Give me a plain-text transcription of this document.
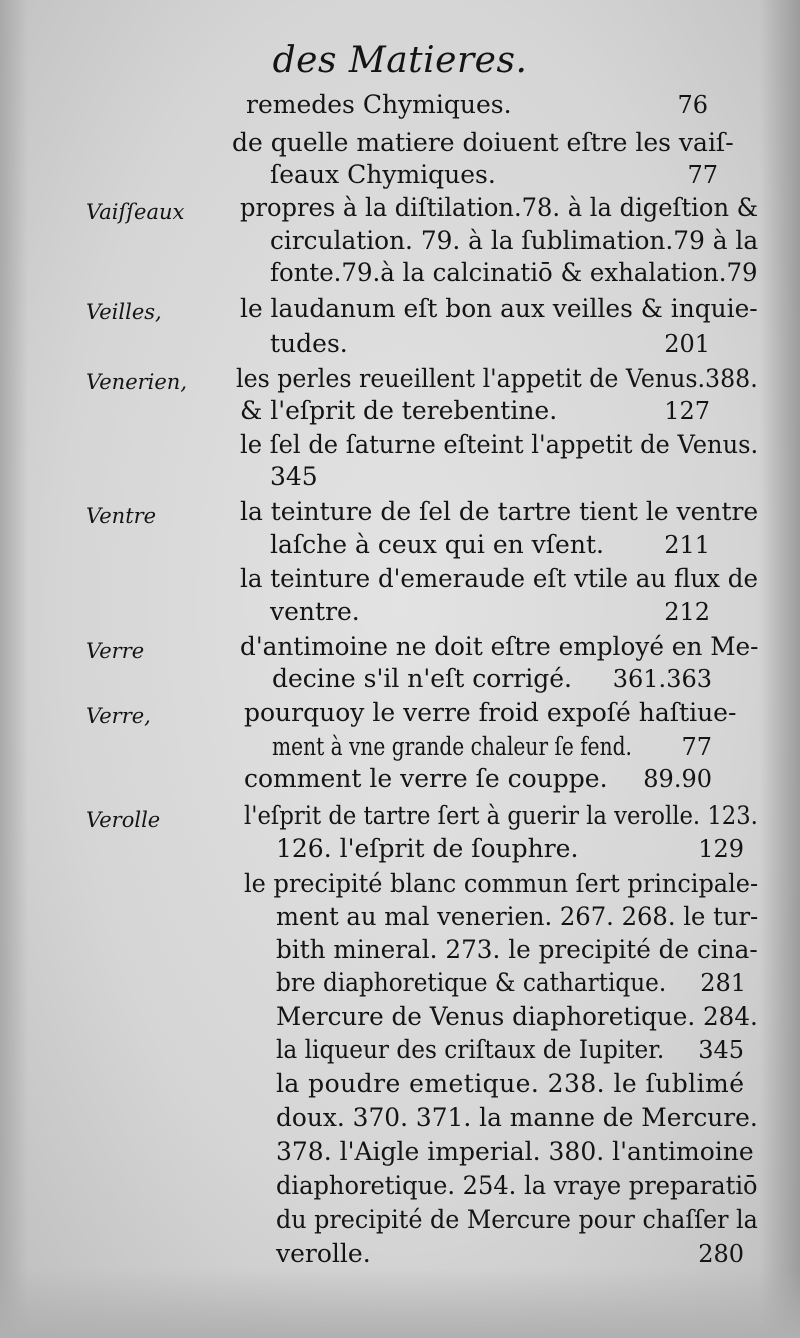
des Matieres.
remedes Chymiques.	76
de quelle matiere doiuent eſtre les vaiſ-
ſeaux Chymiques.	77
Vaiſſeaux propres à la diſtilation.78. à la digeſtion &
circulation. 79. à la ſublimation.79 à la
fonte.79.à la calcinatiō & exhalation.79
Veilles,	le laudanum eſt bon aux veilles & inquie-
tudes.	201
Venerien, les perles reueillent l'appetit de Venus.388.
& l'eſprit de terebentine.	127
le ſel de ſaturne eſteint l'appetit de Venus.
345
Ventre	la teinture de ſel de tartre tient le ventre
laſche à ceux qui en vſent.	211
la teinture d'emeraude eſt vtile au flux de
ventre.	212
Verre	d'antimoine ne doit eſtre employé en Me-
decine s'il n'eſt corrigé. 361.363
Verre,	pourquoy le verre froid expoſé haſtiue-
ment à vne grande chaleur ſe fend. 77
comment le verre ſe couppe. 89.90
Verolle	l'eſprit de tartre ſert à guerir la verolle. 123.
126. l'eſprit de ſouphre.	129
le precipité blanc commun ſert principale-
ment au mal venerien. 267. 268. le tur-
bith mineral. 273. le precipité de cina-
bre diaphoretique & cathartique. 281
Mercure de Venus diaphoretique. 284.
la liqueur des criſtaux de Iupiter. 345
la poudre emetique. 238. le ſublimé
doux. 370. 371. la manne de Mercure.
378. l'Aigle imperial. 380. l'antimoine
diaphoretique. 254. la vraye preparatiō
du precipité de Mercure pour chaſſer la
verolle.	280
